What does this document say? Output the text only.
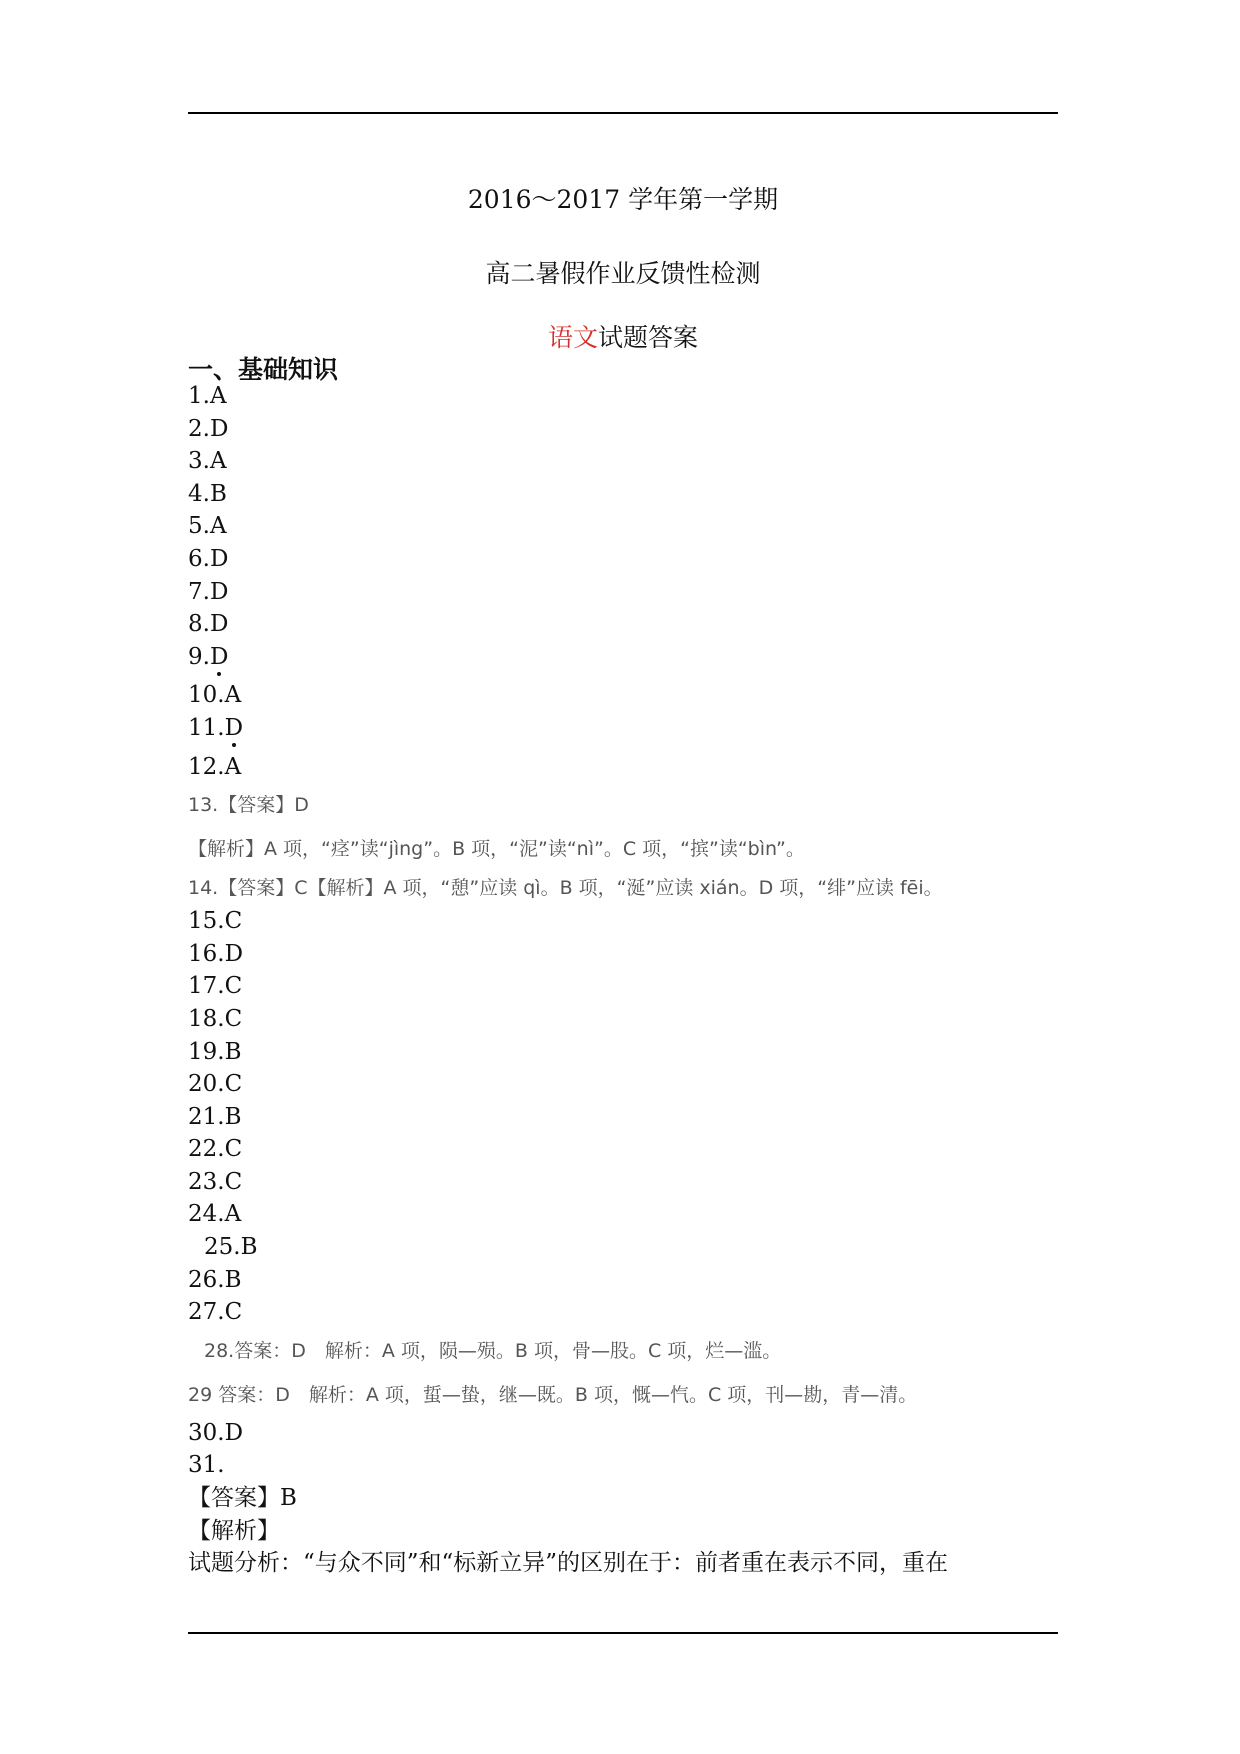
2016～2017 学年第一学期
高二暑假作业反馈性检测
语文试题答案
一、基础知识
1.A
2.D
3.A
4.B
5.A
6.D
7.D
8.D
9.D
10.A
11.D
12.A
13.【答案】D
【解析】A 项，“痉”读“jìng”。B 项，“泥”读“nì”。C 项，“摈”读“bìn”。
14.【答案】C【解析】A 项，“憩”应读 qì。B 项，“涎”应读 xián。D 项，“绯”应读 fēi。
15.C
16.D
17.C
18.C
19.B
20.C
21.B
22.C
23.C
24.A
25.B
26.B
27.C
28.答案：D　解析：A 项，陨—殒。B 项，骨—股。C 项，烂—滥。
29 答案：D　解析：A 项，蜇—蛰，继—既。B 项，慨—忾。C 项，刊—勘，青—清。
30.D
31.
【答案】B
【解析】
试题分析：“与众不同”和“标新立异”的区别在于：前者重在表示不同，重在
